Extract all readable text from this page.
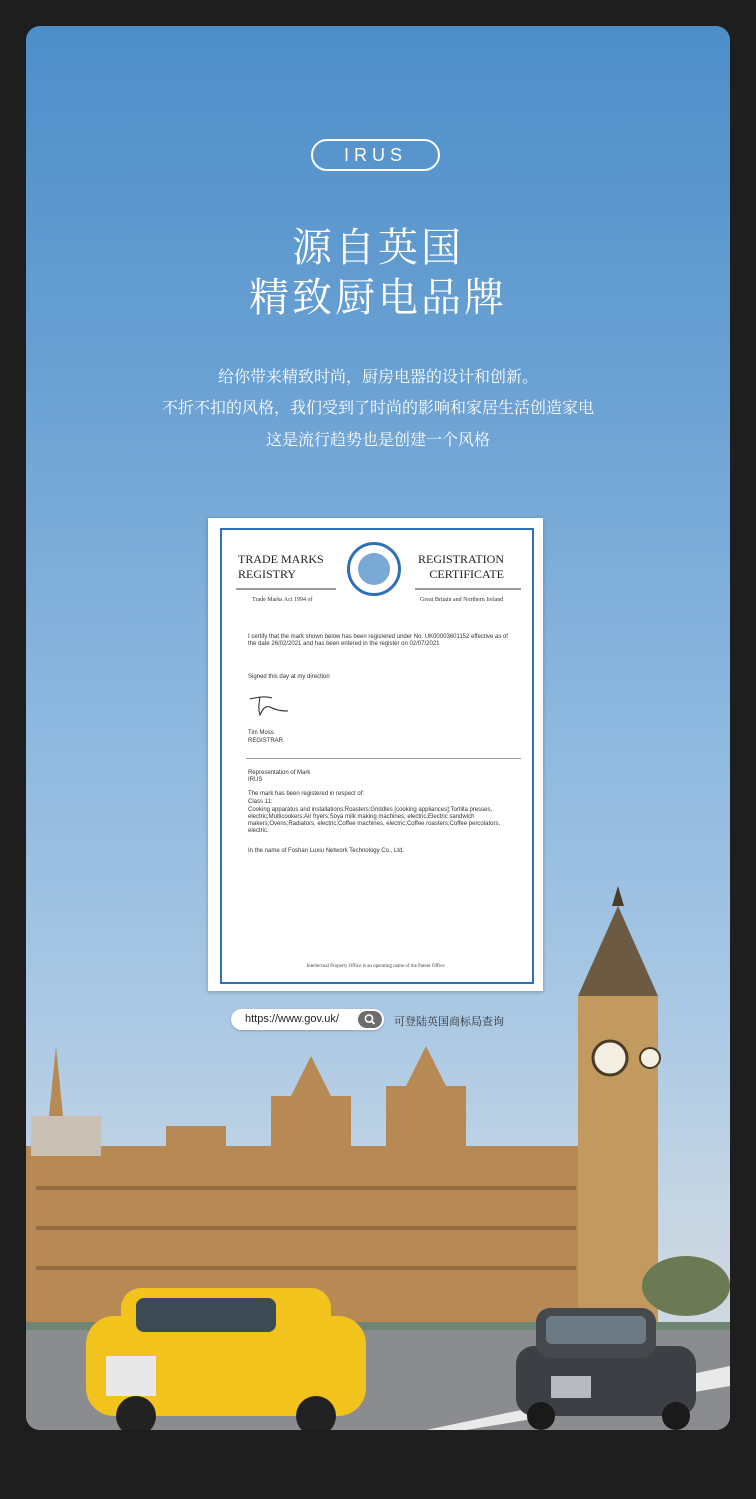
IRUS
源自英国
精致厨电品牌
给你带来精致时尚，厨房电器的设计和创新。
不折不扣的风格，我们受到了时尚的影响和家居生活创造家电
这是流行趋势也是创建一个风格
TRADE MARKS
REGISTRY
REGISTRATION
CERTIFICATE
Trade Marks Act 1994 of	Great Britain and Northern Ireland
I certify that the mark shown below has been registered under No. UK00003601152 effective as of the date 26/02/2021 and has been entered in the register on 02/07/2021
Signed this day at my direction
Tim Moss
REGISTRAR
Representation of Mark
IRUS
The mark has been registered in respect of:
Class 11:
Cooking apparatus and installations;Roasters;Griddles [cooking appliances];Tortilla presses, electric;Multicookers;Air fryers;Soya milk making machines, electric;Electric sandwich makers;Ovens;Radiators, electric;Coffee machines, electric;Coffee roasters;Coffee percolators, electric.
In the name of Foshan Luxiu Network Technology Co., Ltd.
Intellectual Property Office is an operating name of the Patent Office
https://www.gov.uk/	可登陆英国商标局查询
